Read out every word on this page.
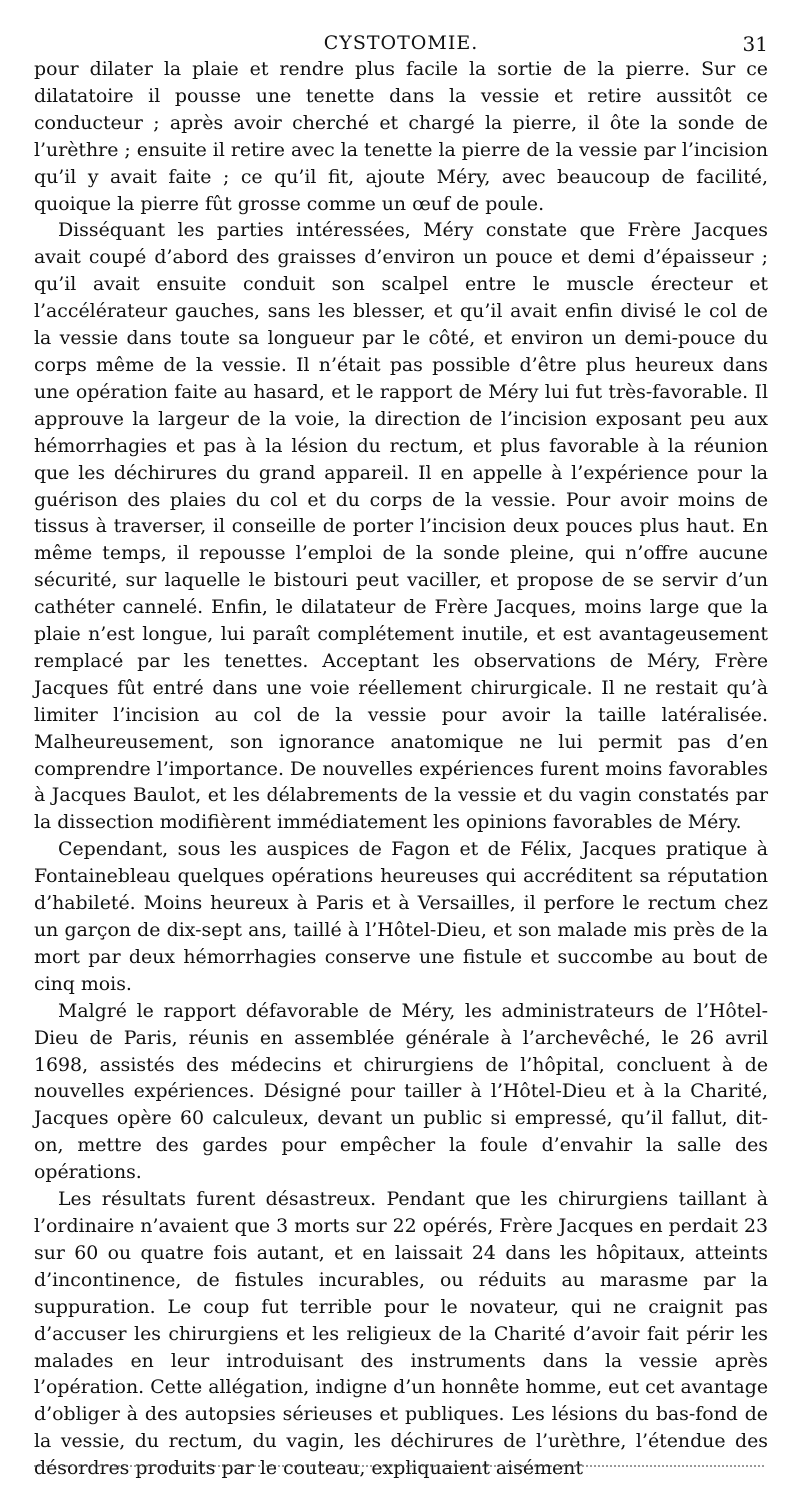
CYSTOTOMIE.	31

pour dilater la plaie et rendre plus facile la sortie de la pierre. Sur ce dilatatoire il pousse une tenette dans la vessie et retire aussitôt ce conducteur ; après avoir cherché et chargé la pierre, il ôte la sonde de l’urèthre ; ensuite il retire avec la tenette la pierre de la vessie par l’incision qu’il y avait faite ; ce qu’il fit, ajoute Méry, avec beaucoup de facilité, quoique la pierre fût grosse comme un œuf de poule.

Disséquant les parties intéressées, Méry constate que Frère Jacques avait coupé d’abord des graisses d’environ un pouce et demi d’épaisseur ; qu’il avait ensuite conduit son scalpel entre le muscle érecteur et l’accélérateur gauches, sans les blesser, et qu’il avait enfin divisé le col de la vessie dans toute sa longueur par le côté, et environ un demi-pouce du corps même de la vessie. Il n’était pas possible d’être plus heureux dans une opération faite au hasard, et le rapport de Méry lui fut très-favorable. Il approuve la largeur de la voie, la direction de l’incision exposant peu aux hémorrhagies et pas à la lésion du rectum, et plus favorable à la réunion que les déchirures du grand appareil. Il en appelle à l’expérience pour la guérison des plaies du col et du corps de la vessie. Pour avoir moins de tissus à traverser, il conseille de porter l’incision deux pouces plus haut. En même temps, il repousse l’emploi de la sonde pleine, qui n’offre aucune sécurité, sur laquelle le bistouri peut vaciller, et propose de se servir d’un cathéter cannelé. Enfin, le dilatateur de Frère Jacques, moins large que la plaie n’est longue, lui paraît complétement inutile, et est avantageusement remplacé par les tenettes. Acceptant les observations de Méry, Frère Jacques fût entré dans une voie réellement chirurgicale. Il ne restait qu’à limiter l’incision au col de la vessie pour avoir la taille latéralisée. Malheureusement, son ignorance anatomique ne lui permit pas d’en comprendre l’importance. De nouvelles expériences furent moins favorables à Jacques Baulot, et les délabrements de la vessie et du vagin constatés par la dissection modifièrent immédiatement les opinions favorables de Méry.

Cependant, sous les auspices de Fagon et de Félix, Jacques pratique à Fontainebleau quelques opérations heureuses qui accréditent sa réputation d’habileté. Moins heureux à Paris et à Versailles, il perfore le rectum chez un garçon de dix-sept ans, taillé à l’Hôtel-Dieu, et son malade mis près de la mort par deux hémorrhagies conserve une fistule et succombe au bout de cinq mois.

Malgré le rapport défavorable de Méry, les administrateurs de l’Hôtel-Dieu de Paris, réunis en assemblée générale à l’archevêché, le 26 avril 1698, assistés des médecins et chirurgiens de l’hôpital, concluent à de nouvelles expériences. Désigné pour tailler à l’Hôtel-Dieu et à la Charité, Jacques opère 60 calculeux, devant un public si empressé, qu’il fallut, dit-on, mettre des gardes pour empêcher la foule d’envahir la salle des opérations.

Les résultats furent désastreux. Pendant que les chirurgiens taillant à l’ordinaire n’avaient que 3 morts sur 22 opérés, Frère Jacques en perdait 23 sur 60 ou quatre fois autant, et en laissait 24 dans les hôpitaux, atteints d’incontinence, de fistules incurables, ou réduits au marasme par la suppuration. Le coup fut terrible pour le novateur, qui ne craignit pas d’accuser les chirurgiens et les religieux de la Charité d’avoir fait périr les malades en leur introduisant des instruments dans la vessie après l’opération. Cette allégation, indigne d’un honnête homme, eut cet avantage d’obliger à des autopsies sérieuses et publiques. Les lésions du bas-fond de la vessie, du rectum, du vagin, les déchirures de l’urèthre, l’étendue des désordres produits par le couteau, expliquaient aisément
